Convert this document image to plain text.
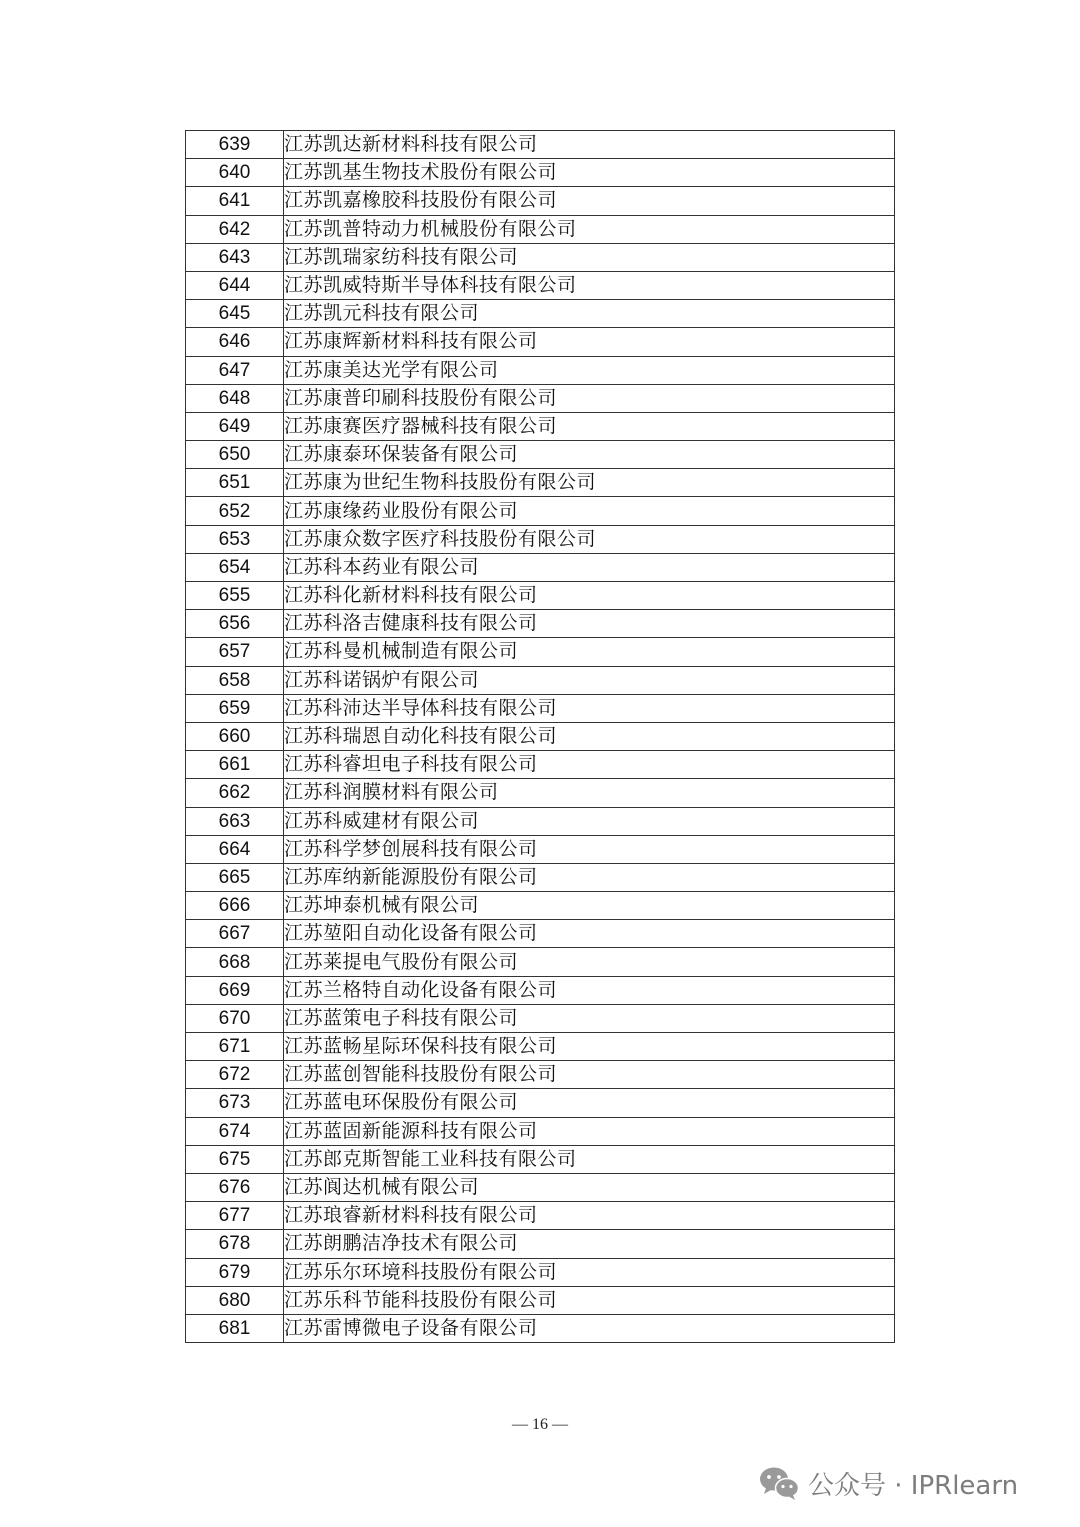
639	江苏凯达新材料科技有限公司
640	江苏凯基生物技术股份有限公司
641	江苏凯嘉橡胶科技股份有限公司
642	江苏凯普特动力机械股份有限公司
643	江苏凯瑞家纺科技有限公司
644	江苏凯威特斯半导体科技有限公司
645	江苏凯元科技有限公司
646	江苏康辉新材料科技有限公司
647	江苏康美达光学有限公司
648	江苏康普印刷科技股份有限公司
649	江苏康赛医疗器械科技有限公司
650	江苏康泰环保装备有限公司
651	江苏康为世纪生物科技股份有限公司
652	江苏康缘药业股份有限公司
653	江苏康众数字医疗科技股份有限公司
654	江苏科本药业有限公司
655	江苏科化新材料科技有限公司
656	江苏科洛吉健康科技有限公司
657	江苏科曼机械制造有限公司
658	江苏科诺锅炉有限公司
659	江苏科沛达半导体科技有限公司
660	江苏科瑞恩自动化科技有限公司
661	江苏科睿坦电子科技有限公司
662	江苏科润膜材料有限公司
663	江苏科威建材有限公司
664	江苏科学梦创展科技有限公司
665	江苏库纳新能源股份有限公司
666	江苏坤泰机械有限公司
667	江苏堃阳自动化设备有限公司
668	江苏莱提电气股份有限公司
669	江苏兰格特自动化设备有限公司
670	江苏蓝策电子科技有限公司
671	江苏蓝畅星际环保科技有限公司
672	江苏蓝创智能科技股份有限公司
673	江苏蓝电环保股份有限公司
674	江苏蓝固新能源科技有限公司
675	江苏郎克斯智能工业科技有限公司
676	江苏阆达机械有限公司
677	江苏琅睿新材料科技有限公司
678	江苏朗鹏洁净技术有限公司
679	江苏乐尔环境科技股份有限公司
680	江苏乐科节能科技股份有限公司
681	江苏雷博微电子设备有限公司
— 16 —
公众号 · IPRlearn
